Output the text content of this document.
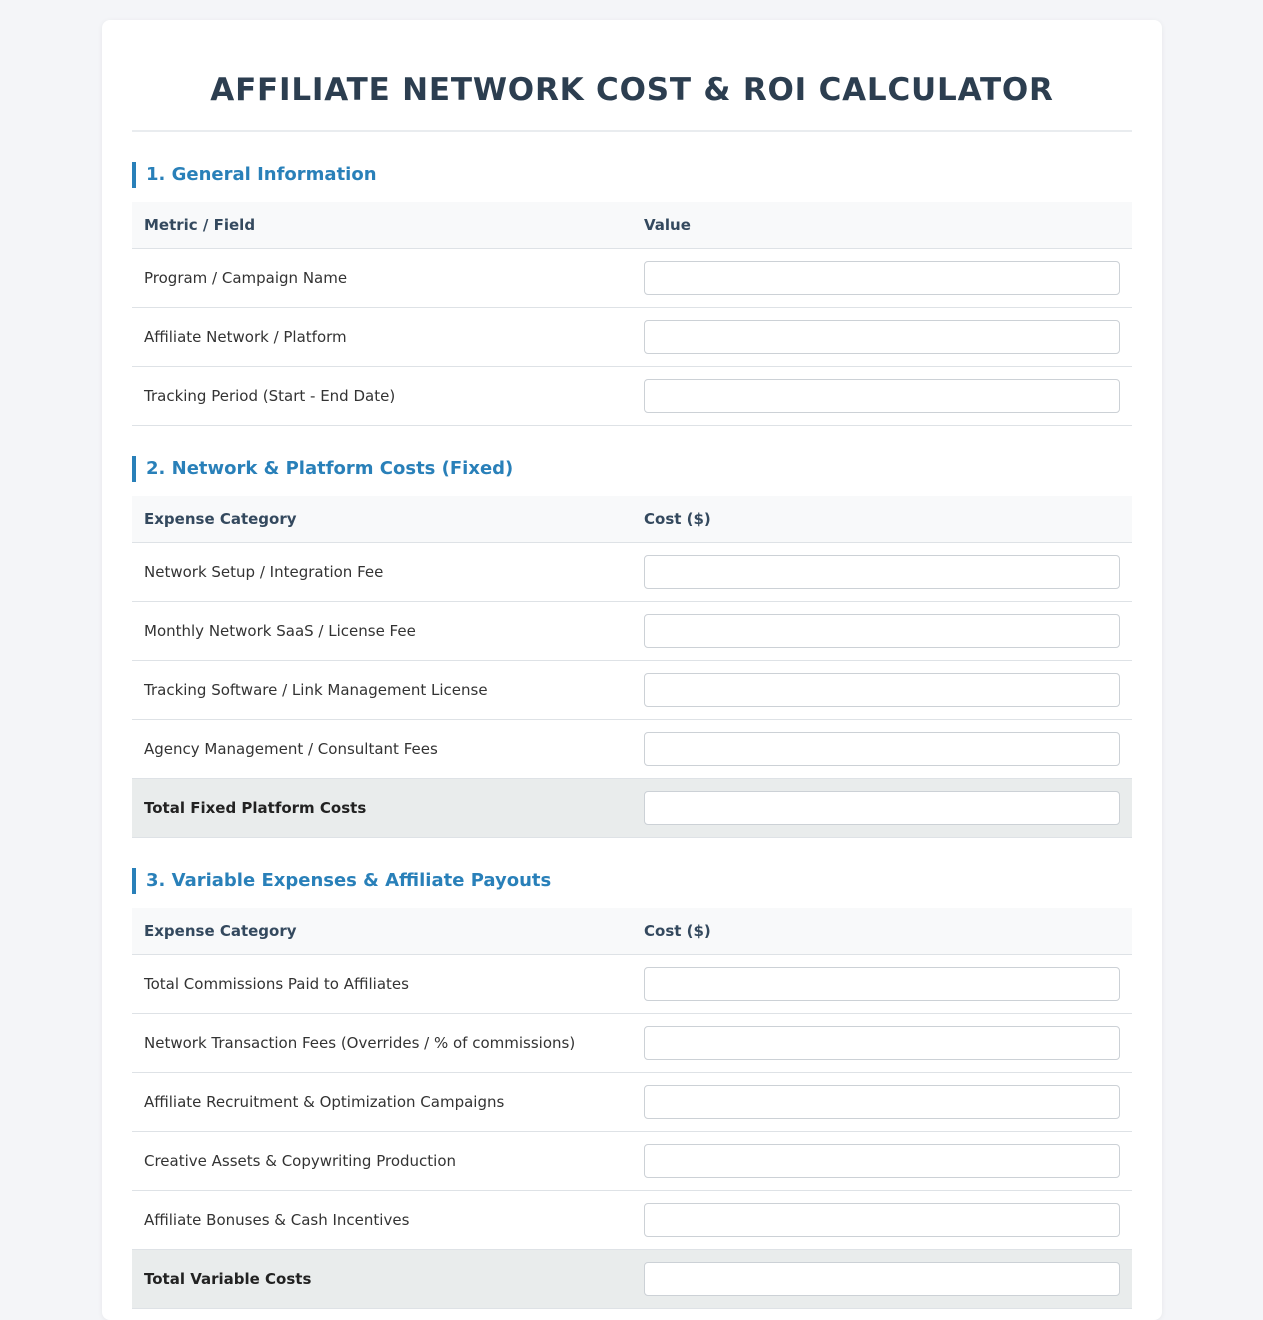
AFFILIATE NETWORK COST & ROI CALCULATOR
1. General Information
Metric / Field	Value
Program / Campaign Name	

Affiliate Network / Platform	

Tracking Period (Start - End Date)	
2. Network & Platform Costs (Fixed)
Expense Category	Cost ($)
Network Setup / Integration Fee	

Monthly Network SaaS / License Fee	

Tracking Software / Link Management License	

Agency Management / Consultant Fees	

Total Fixed Platform Costs	
3. Variable Expenses & Affiliate Payouts
Expense Category	Cost ($)
Total Commissions Paid to Affiliates	

Network Transaction Fees (Overrides / % of commissions)	

Affiliate Recruitment & Optimization Campaigns	

Creative Assets & Copywriting Production	

Affiliate Bonuses & Cash Incentives	

Total Variable Costs	
